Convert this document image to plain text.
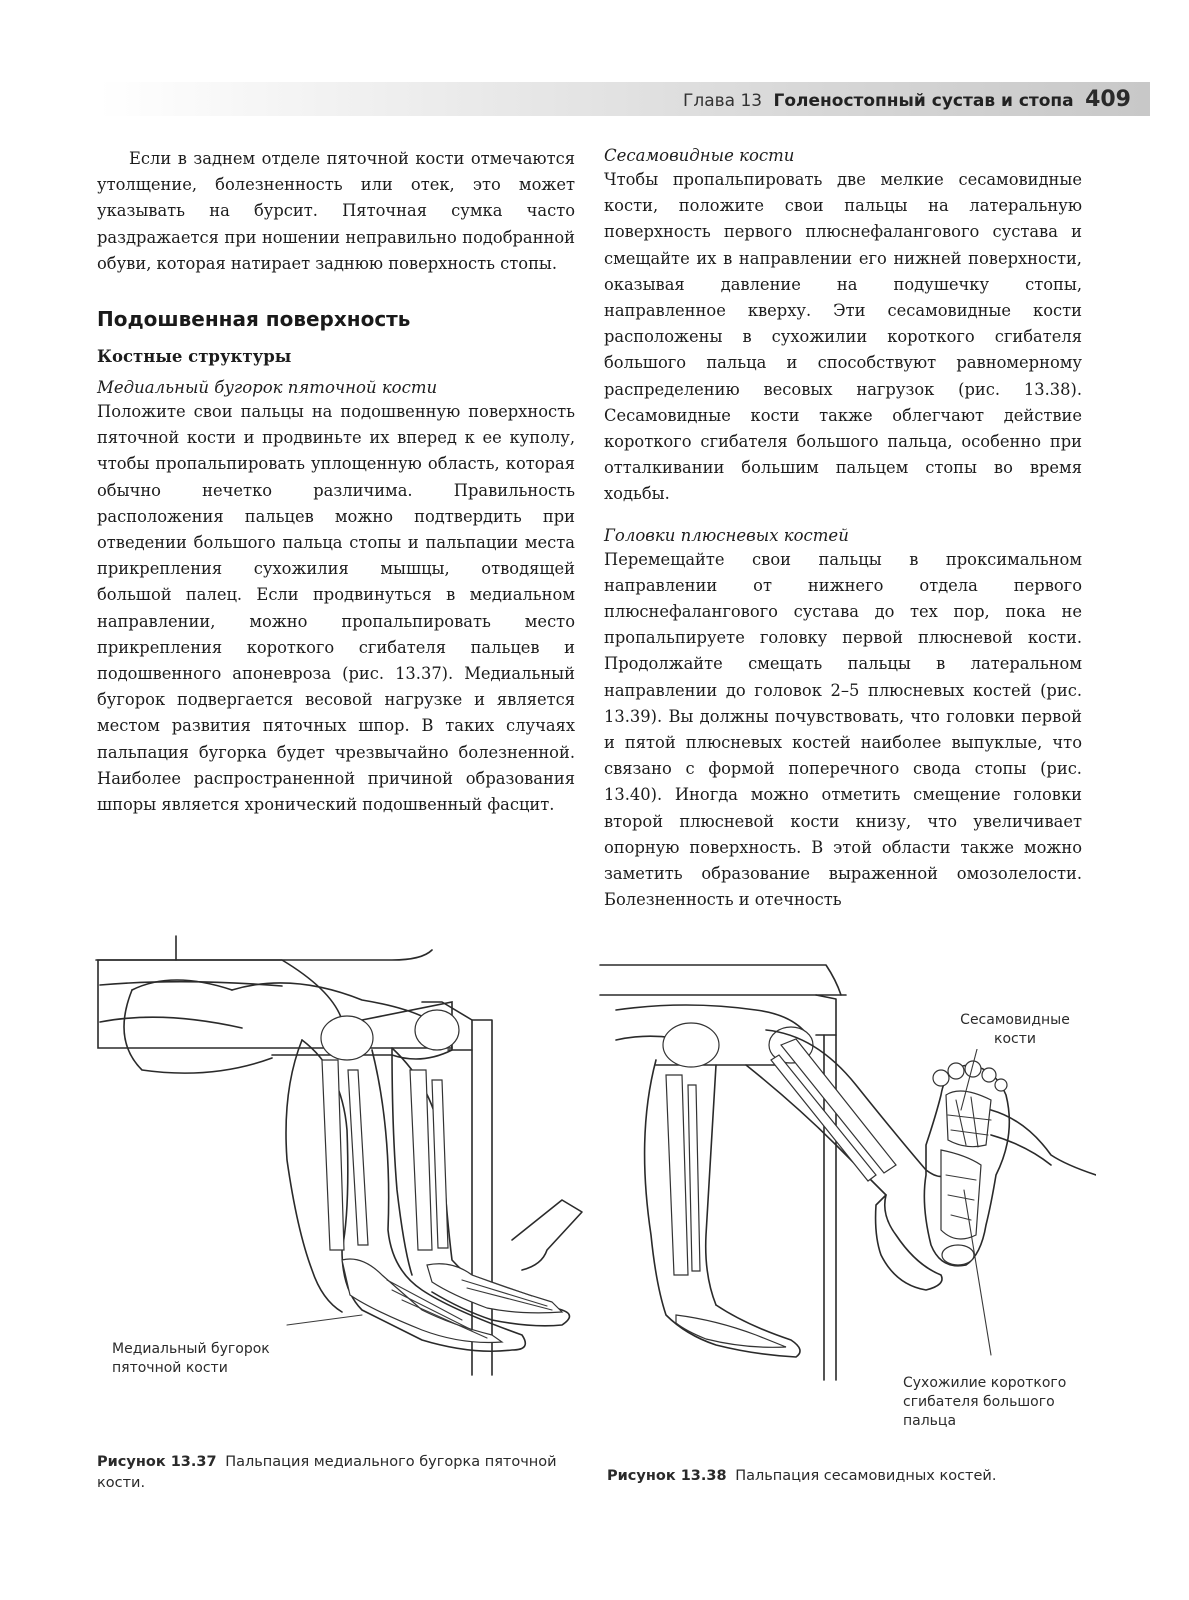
Глава 13 Голеностопный сустав и стопа 409

Если в заднем отделе пяточной кости отмечаются утолщение, болезненность или отек, это может указывать на бурсит. Пяточная сумка часто раздражается при ношении неправильно подобранной обуви, которая натирает заднюю поверхность стопы.

Подошвенная поверхность
Костные структуры
Медиальный бугорок пяточной кости

Положите свои пальцы на подошвенную поверхность пяточной кости и продвиньте их вперед к ее куполу, чтобы пропальпировать уплощенную область, которая обычно нечетко различима. Правильность расположения пальцев можно подтвердить при отведении большого пальца стопы и пальпации места прикрепления сухожилия мышцы, отводящей большой палец. Если продвинуться в медиальном направлении, можно пропальпировать место прикрепления короткого сгибателя пальцев и подошвенного апоневроза (рис. 13.37). Медиальный бугорок подвергается весовой нагрузке и является местом развития пяточных шпор. В таких случаях пальпация бугорка будет чрезвычайно болезненной. Наиболее распространенной причиной образования шпоры является хронический подошвенный фасцит.

Сесамовидные кости

Чтобы пропальпировать две мелкие сесамовидные кости, положите свои пальцы на латеральную поверхность первого плюснефалангового сустава и смещайте их в направлении его нижней поверхности, оказывая давление на подушечку стопы, направленное кверху. Эти сесамовидные кости расположены в сухожилии короткого сгибателя большого пальца и способствуют равномерному распределению весовых нагрузок (рис. 13.38). Сесамовидные кости также облегчают действие короткого сгибателя большого пальца, особенно при отталкивании большим пальцем стопы во время ходьбы.

Головки плюсневых костей

Перемещайте свои пальцы в проксимальном направлении от нижнего отдела первого плюснефалангового сустава до тех пор, пока не пропальпируете головку первой плюсневой кости. Продолжайте смещать пальцы в латеральном направлении до головок 2–5 плюсневых костей (рис. 13.39). Вы должны почувствовать, что головки первой и пятой плюсневых костей наиболее выпуклые, что связано с формой поперечного свода стопы (рис. 13.40). Иногда можно отметить смещение головки второй плюсневой кости книзу, что увеличивает опорную поверхность. В этой области также можно заметить образование выраженной омозолелости. Болезненность и отечность

Медиальный бугорок
пяточной кости
Сесамовидные
кости
Сухожилие короткого
сгибателя большого
пальца
Рисунок 13.37 Пальпация медиального бугорка пяточной кости.	Рисунок 13.38 Пальпация сесамовидных костей.
